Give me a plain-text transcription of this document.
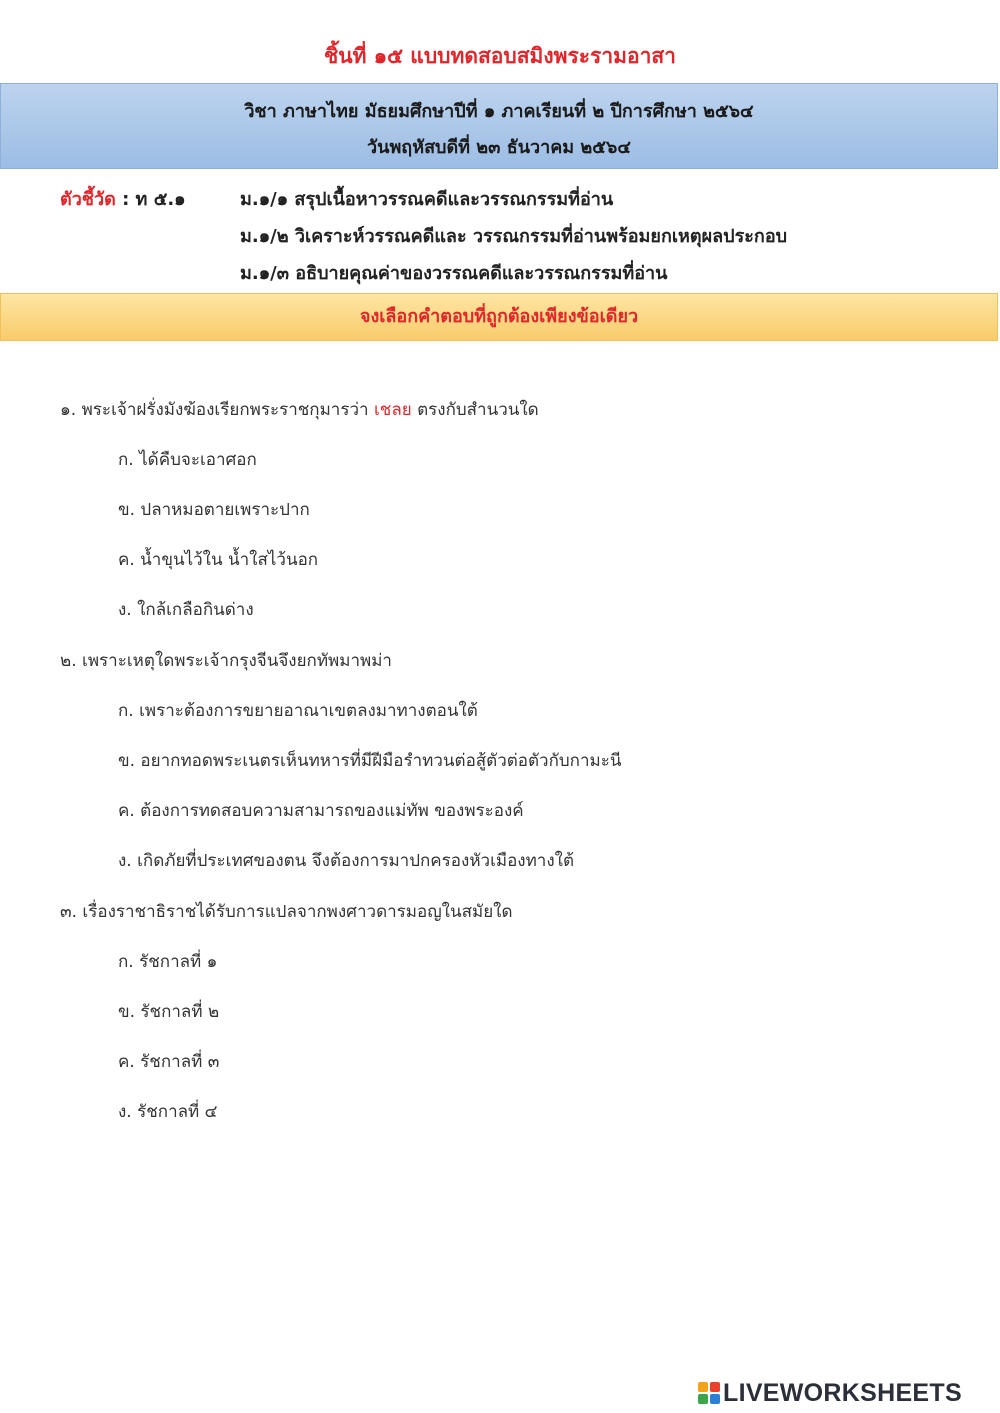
ชิ้นที่ ๑๕ แบบทดสอบสมิงพระรามอาสา
วิชา ภาษาไทย มัธยมศึกษาปีที่ ๑ ภาคเรียนที่ ๒ ปีการศึกษา ๒๕๖๔
วันพฤหัสบดีที่ ๒๓ ธันวาคม ๒๕๖๔
ตัวชี้วัด : ท ๕.๑	ม.๑/๑ สรุปเนื้อหาวรรณคดีและวรรณกรรมที่อ่าน
ม.๑/๒ วิเคราะห์วรรณคดีและ วรรณกรรมที่อ่านพร้อมยกเหตุผลประกอบ
ม.๑/๓ อธิบายคุณค่าของวรรณคดีและวรรณกรรมที่อ่าน
จงเลือกคำตอบที่ถูกต้องเพียงข้อเดียว
๑. พระเจ้าฝรั่งมังฆ้องเรียกพระราชกุมารว่า เชลย ตรงกับสำนวนใด
ก. ได้คืบจะเอาศอก
ข. ปลาหมอตายเพราะปาก
ค. น้ำขุนไว้ใน น้ำใสไว้นอก
ง. ใกล้เกลือกินด่าง
๒. เพราะเหตุใดพระเจ้ากรุงจีนจึงยกทัพมาพม่า
ก. เพราะต้องการขยายอาณาเขตลงมาทางตอนใต้
ข. อยากทอดพระเนตรเห็นทหารที่มีฝีมือรำทวนต่อสู้ตัวต่อตัวกับกามะนี
ค. ต้องการทดสอบความสามารถของแม่ทัพ ของพระองค์
ง. เกิดภัยที่ประเทศของตน จึงต้องการมาปกครองหัวเมืองทางใต้
๓. เรื่องราชาธิราชได้รับการแปลจากพงศาวดารมอญในสมัยใด
ก. รัชกาลที่ ๑
ข. รัชกาลที่ ๒
ค. รัชกาลที่ ๓
ง. รัชกาลที่ ๔
LIVEWORKSHEETS
